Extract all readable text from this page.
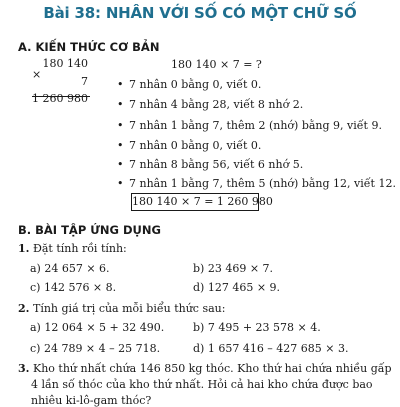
Bài 38: NHÂN VỚI SỐ CÓ MỘT CHỮ SỐ
A. KIẾN THỨC CƠ BẢN
×
180 140
7
1 260 980
180 140 × 7 = ?
• 7 nhân 0 bằng 0, viết 0.
• 7 nhân 4 bằng 28, viết 8 nhớ 2.
• 7 nhân 1 bằng 7, thêm 2 (nhớ) bằng 9, viết 9.
• 7 nhân 0 bằng 0, viết 0.
• 7 nhân 8 bằng 56, viết 6 nhớ 5.
• 7 nhân 1 bằng 7, thêm 5 (nhớ) bằng 12, viết 12.
180 140 × 7 = 1 260 980
B. BÀI TẬP ỨNG DỤNG
1. Đặt tính rồi tính:
a) 24 657 × 6.	b) 23 469 × 7.
c) 142 576 × 8.	d) 127 465 × 9.
2. Tính giá trị của mỗi biểu thức sau:
a) 12 064 × 5 + 32 490.	b) 7 495 + 23 578 × 4.
c) 24 789 × 4 – 25 718.	d) 1 657 416 – 427 685 × 3.
3. Kho thứ nhất chứa 146 850 kg thóc. Kho thứ hai chứa nhiều gấp
4 lần số thóc của kho thứ nhất. Hỏi cả hai kho chứa được bao
nhiêu ki-lô-gam thóc?
